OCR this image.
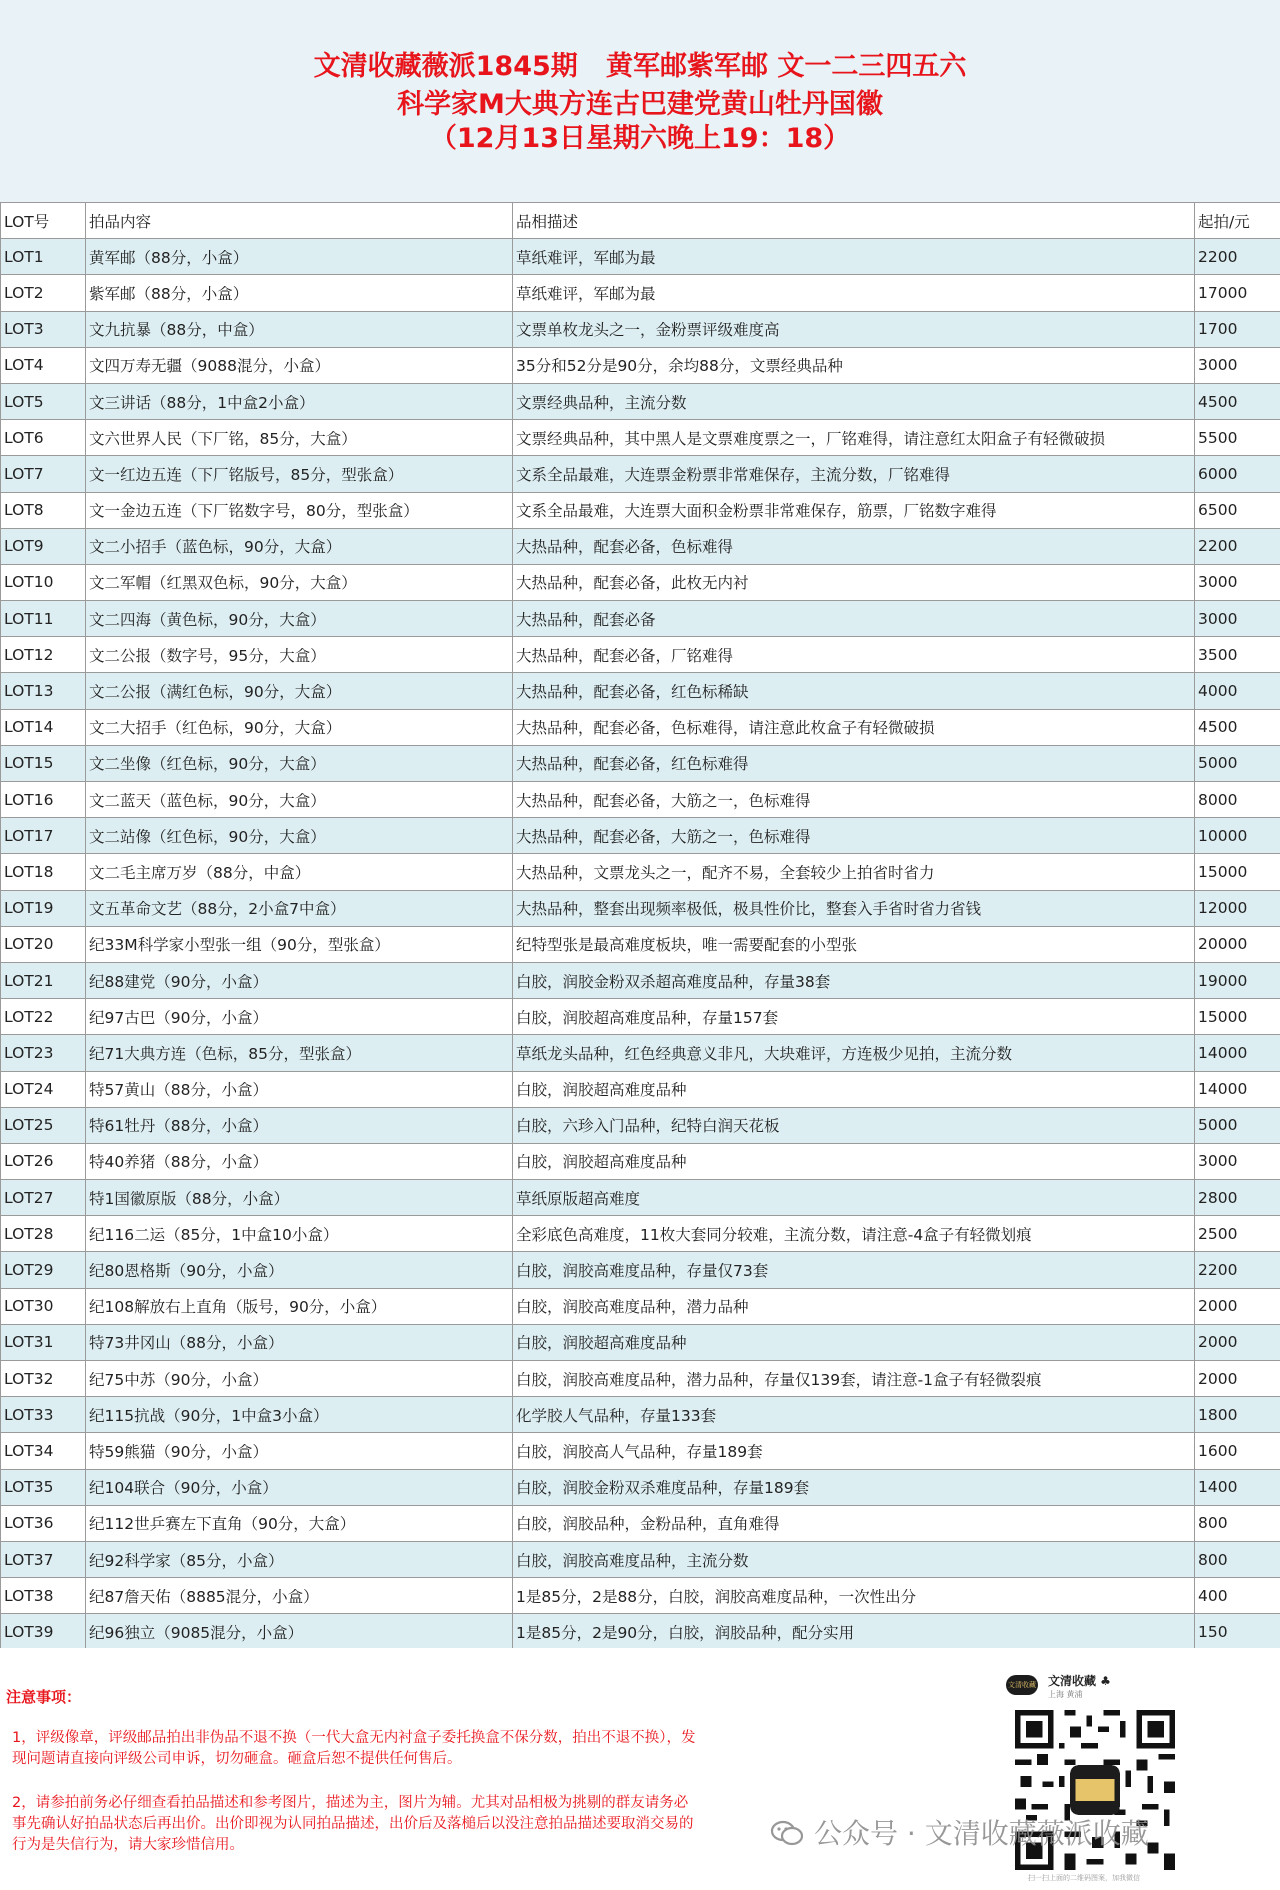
文清收藏薇派1845期   黄军邮紫军邮 文一二三四五六
科学家M大典方连古巴建党黄山牡丹国徽
（12月13日星期六晚上19：18）
LOT号	拍品内容	品相描述	起拍/元
LOT1	黄军邮（88分，小盒）	草纸难评，军邮为最	2200
LOT2	紫军邮（88分，小盒）	草纸难评，军邮为最	17000
LOT3	文九抗暴（88分，中盒）	文票单枚龙头之一，金粉票评级难度高	1700
LOT4	文四万寿无疆（9088混分，小盒）	35分和52分是90分，余均88分，文票经典品种	3000
LOT5	文三讲话（88分，1中盒2小盒）	文票经典品种，主流分数	4500
LOT6	文六世界人民（下厂铭，85分，大盒）	文票经典品种，其中黑人是文票难度票之一，厂铭难得，请注意红太阳盒子有轻微破损	5500
LOT7	文一红边五连（下厂铭版号，85分，型张盒）	文系全品最难，大连票金粉票非常难保存，主流分数，厂铭难得	6000
LOT8	文一金边五连（下厂铭数字号，80分，型张盒）	文系全品最难，大连票大面积金粉票非常难保存，筋票，厂铭数字难得	6500
LOT9	文二小招手（蓝色标，90分，大盒）	大热品种，配套必备，色标难得	2200
LOT10	文二军帽（红黑双色标，90分，大盒）	大热品种，配套必备，此枚无内衬	3000
LOT11	文二四海（黄色标，90分，大盒）	大热品种，配套必备	3000
LOT12	文二公报（数字号，95分，大盒）	大热品种，配套必备，厂铭难得	3500
LOT13	文二公报（满红色标，90分，大盒）	大热品种，配套必备，红色标稀缺	4000
LOT14	文二大招手（红色标，90分，大盒）	大热品种，配套必备，色标难得，请注意此枚盒子有轻微破损	4500
LOT15	文二坐像（红色标，90分，大盒）	大热品种，配套必备，红色标难得	5000
LOT16	文二蓝天（蓝色标，90分，大盒）	大热品种，配套必备，大筋之一，色标难得	8000
LOT17	文二站像（红色标，90分，大盒）	大热品种，配套必备，大筋之一，色标难得	10000
LOT18	文二毛主席万岁（88分，中盒）	大热品种，文票龙头之一，配齐不易，全套较少上拍省时省力	15000
LOT19	文五革命文艺（88分，2小盒7中盒）	大热品种，整套出现频率极低，极具性价比，整套入手省时省力省钱	12000
LOT20	纪33M科学家小型张一组（90分，型张盒）	纪特型张是最高难度板块，唯一需要配套的小型张	20000
LOT21	纪88建党（90分，小盒）	白胶，润胶金粉双杀超高难度品种，存量38套	19000
LOT22	纪97古巴（90分，小盒）	白胶，润胶超高难度品种，存量157套	15000
LOT23	纪71大典方连（色标，85分，型张盒）	草纸龙头品种，红色经典意义非凡，大块难评，方连极少见拍，主流分数	14000
LOT24	特57黄山（88分，小盒）	白胶，润胶超高难度品种	14000
LOT25	特61牡丹（88分，小盒）	白胶，六珍入门品种，纪特白润天花板	5000
LOT26	特40养猪（88分，小盒）	白胶，润胶超高难度品种	3000
LOT27	特1国徽原版（88分，小盒）	草纸原版超高难度	2800
LOT28	纪116二运（85分，1中盒10小盒）	全彩底色高难度，11枚大套同分较难，主流分数，请注意-4盒子有轻微划痕	2500
LOT29	纪80恩格斯（90分，小盒）	白胶，润胶高难度品种，存量仅73套	2200
LOT30	纪108解放右上直角（版号，90分，小盒）	白胶，润胶高难度品种，潜力品种	2000
LOT31	特73井冈山（88分，小盒）	白胶，润胶超高难度品种	2000
LOT32	纪75中苏（90分，小盒）	白胶，润胶高难度品种，潜力品种，存量仅139套，请注意-1盒子有轻微裂痕	2000
LOT33	纪115抗战（90分，1中盒3小盒）	化学胶人气品种，存量133套	1800
LOT34	特59熊猫（90分，小盒）	白胶，润胶高人气品种，存量189套	1600
LOT35	纪104联合（90分，小盒）	白胶，润胶金粉双杀难度品种，存量189套	1400
LOT36	纪112世乒赛左下直角（90分，大盒）	白胶，润胶品种，金粉品种，直角难得	800
LOT37	纪92科学家（85分，小盒）	白胶，润胶高难度品种，主流分数	800
LOT38	纪87詹天佑（8885混分，小盒）	1是85分，2是88分，白胶，润胶高难度品种，一次性出分	400
LOT39	纪96独立（9085混分，小盒）	1是85分，2是90分，白胶，润胶品种，配分实用	150
注意事项：
1，评级像章，评级邮品拍出非伪品不退不换（一代大盒无内衬盒子委托换盒不保分数，拍出不退不换），发现问题请直接向评级公司申诉，切勿砸盒。砸盒后恕不提供任何售后。
2，请参拍前务必仔细查看拍品描述和参考图片，描述为主，图片为辅。尤其对品相极为挑剔的群友请务必事先确认好拍品状态后再出价。出价即视为认同拍品描述，出价后及落槌后以没注意拍品描述要取消交易的行为是失信行为，请大家珍惜信用。
文清收藏 文清收藏 ♣
上海 黄浦
扫一扫上面的二维码图案，加我微信
公众号 · 文清收藏薇派收藏
